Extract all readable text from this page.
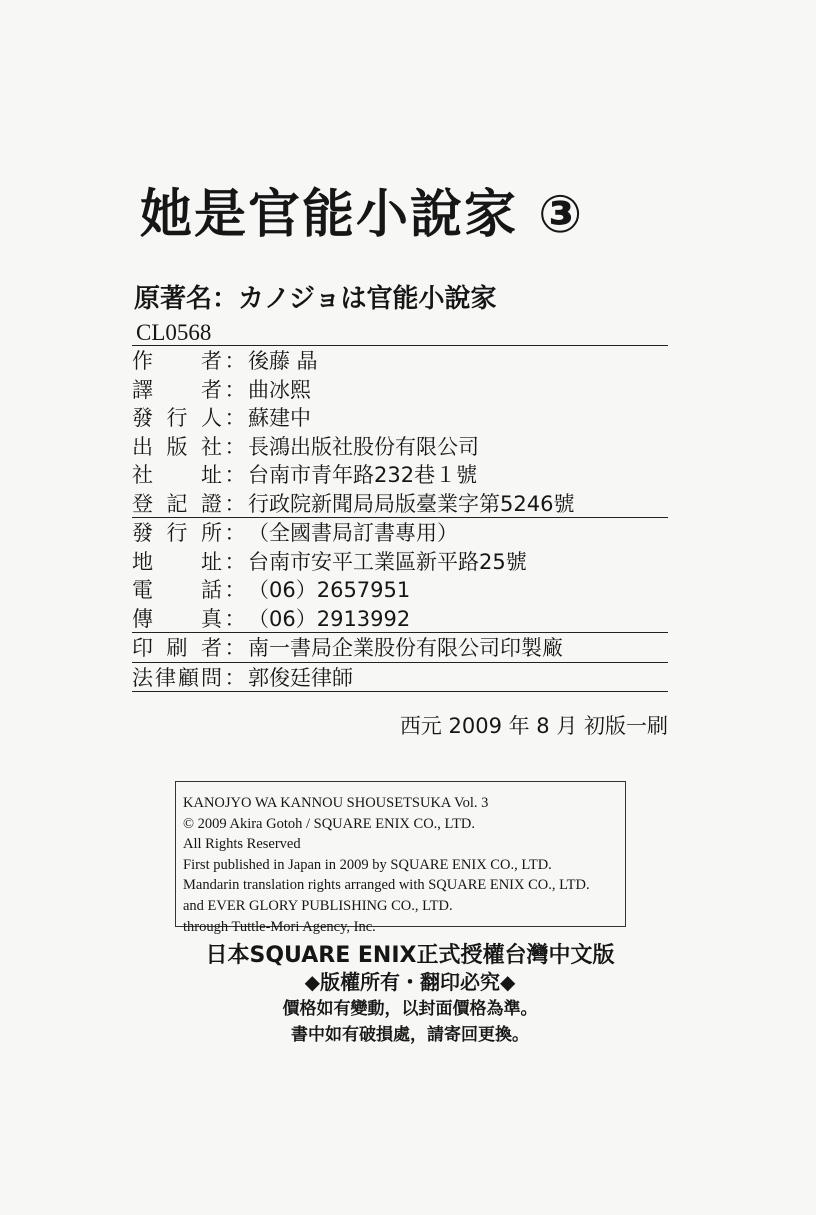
她是官能小說家 ③
原著名：カノジョは官能小說家
CL0568
作 者 ： 後藤 晶
譯 者 ： 曲冰熙
發 行 人 ： 蘇建中
出 版 社 ： 長鴻出版社股份有限公司
社 址 ： 台南市青年路232巷１號
登 記 證 ： 行政院新聞局局版臺業字第5246號
發 行 所 ： （全國書局訂書專用）
地 址 ： 台南市安平工業區新平路25號
電 話 ： （06）2657951
傳 真 ： （06）2913992
印 刷 者 ： 南一書局企業股份有限公司印製廠
法 律 顧 問 ： 郭俊廷律師
西元 2009 年 8 月 初版一刷
KANOJYO WA KANNOU SHOUSETSUKA Vol. 3
© 2009 Akira Gotoh / SQUARE ENIX CO., LTD.
All Rights Reserved
First published in Japan in 2009 by SQUARE ENIX CO., LTD.
Mandarin translation rights arranged with SQUARE ENIX CO., LTD.
and EVER GLORY PUBLISHING CO., LTD.
through Tuttle-Mori Agency, Inc.
日本SQUARE ENIX正式授權台灣中文版
◆版權所有・翻印必究◆
價格如有變動，以封面價格為準。
書中如有破損處，請寄回更換。
